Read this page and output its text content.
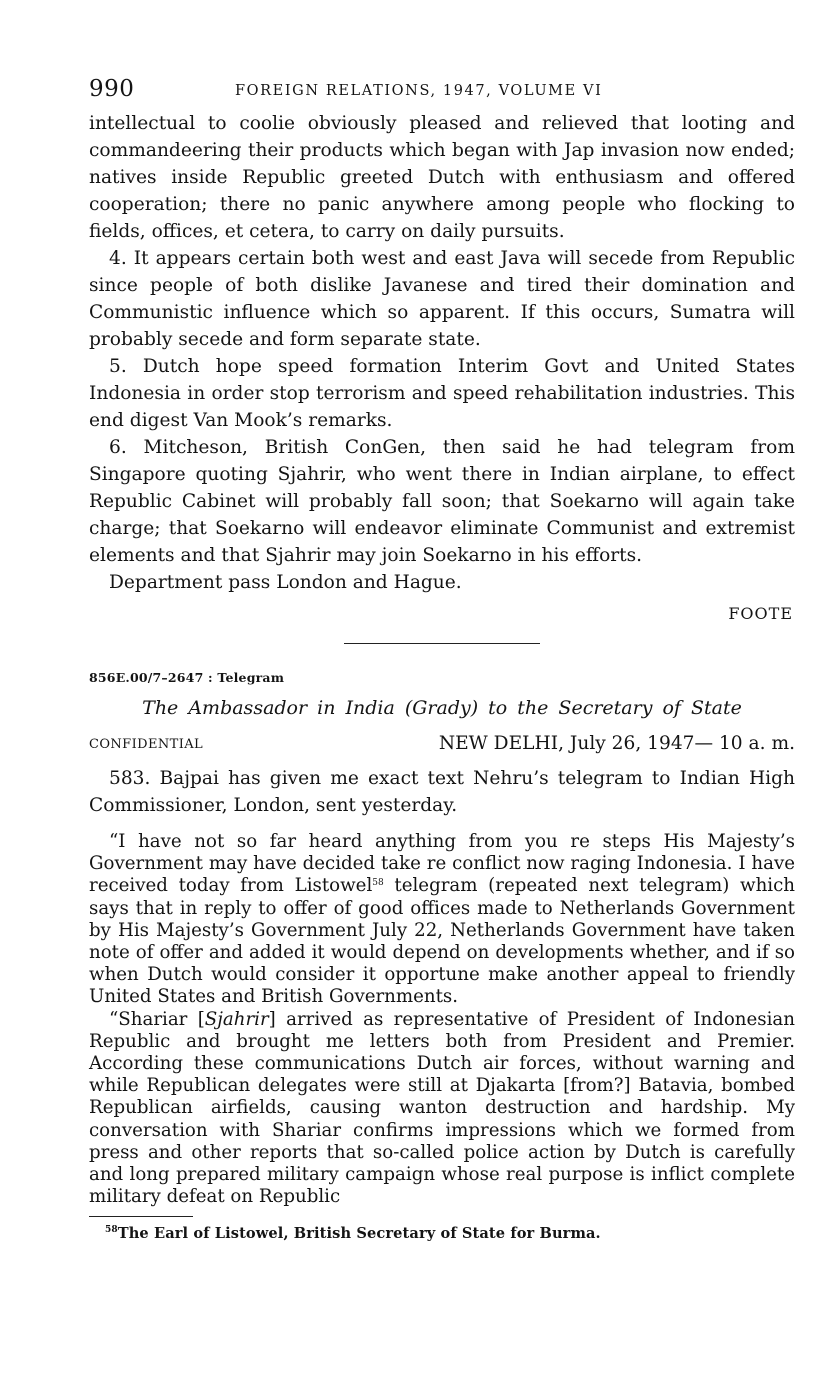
990	FOREIGN RELATIONS, 1947, VOLUME VI

intellectual to coolie obviously pleased and relieved that looting and commandeering their products which began with Jap invasion now ended; natives inside Republic greeted Dutch with enthusiasm and offered cooperation; there no panic anywhere among people who flocking to fields, offices, et cetera, to carry on daily pursuits.

4. It appears certain both west and east Java will secede from Republic since people of both dislike Javanese and tired their domination and Communistic influence which so apparent. If this occurs, Sumatra will probably secede and form separate state.

5. Dutch hope speed formation Interim Govt and United States Indonesia in order stop terrorism and speed rehabilitation industries. This end digest Van Mook’s remarks.

6. Mitcheson, British ConGen, then said he had telegram from Singapore quoting Sjahrir, who went there in Indian airplane, to effect Republic Cabinet will probably fall soon; that Soekarno will again take charge; that Soekarno will endeavor eliminate Communist and extremist elements and that Sjahrir may join Soekarno in his efforts.

Department pass London and Hague.

FOOTE
856E.00/7–2647 : Telegram
The Ambassador in India (Grady) to the Secretary of State
CONFIDENTIAL	NEW DELHI, July 26, 1947— 10 a. m.

583. Bajpai has given me exact text Nehru’s telegram to Indian High Commissioner, London, sent yesterday.

“I have not so far heard anything from you re steps His Majesty’s Government may have decided take re conflict now raging Indonesia. I have received today from Listowel$^{58}$ telegram (repeated next telegram) which says that in reply to offer of good offices made to Netherlands Government by His Majesty’s Government July 22, Netherlands Government have taken note of offer and added it would depend on developments whether, and if so when Dutch would consider it opportune make another appeal to friendly United States and British Governments.

“Shariar [Sjahrir] arrived as representative of President of Indonesian Republic and brought me letters both from President and Premier. According these communications Dutch air forces, without warning and while Republican delegates were still at Djakarta [from?] Batavia, bombed Republican airfields, causing wanton destruction and hardship. My conversation with Shariar confirms impressions which we formed from press and other reports that so-called police action by Dutch is carefully and long prepared military campaign whose real purpose is inflict complete military defeat on Republic

$^{58}$The Earl of Listowel, British Secretary of State for Burma.
